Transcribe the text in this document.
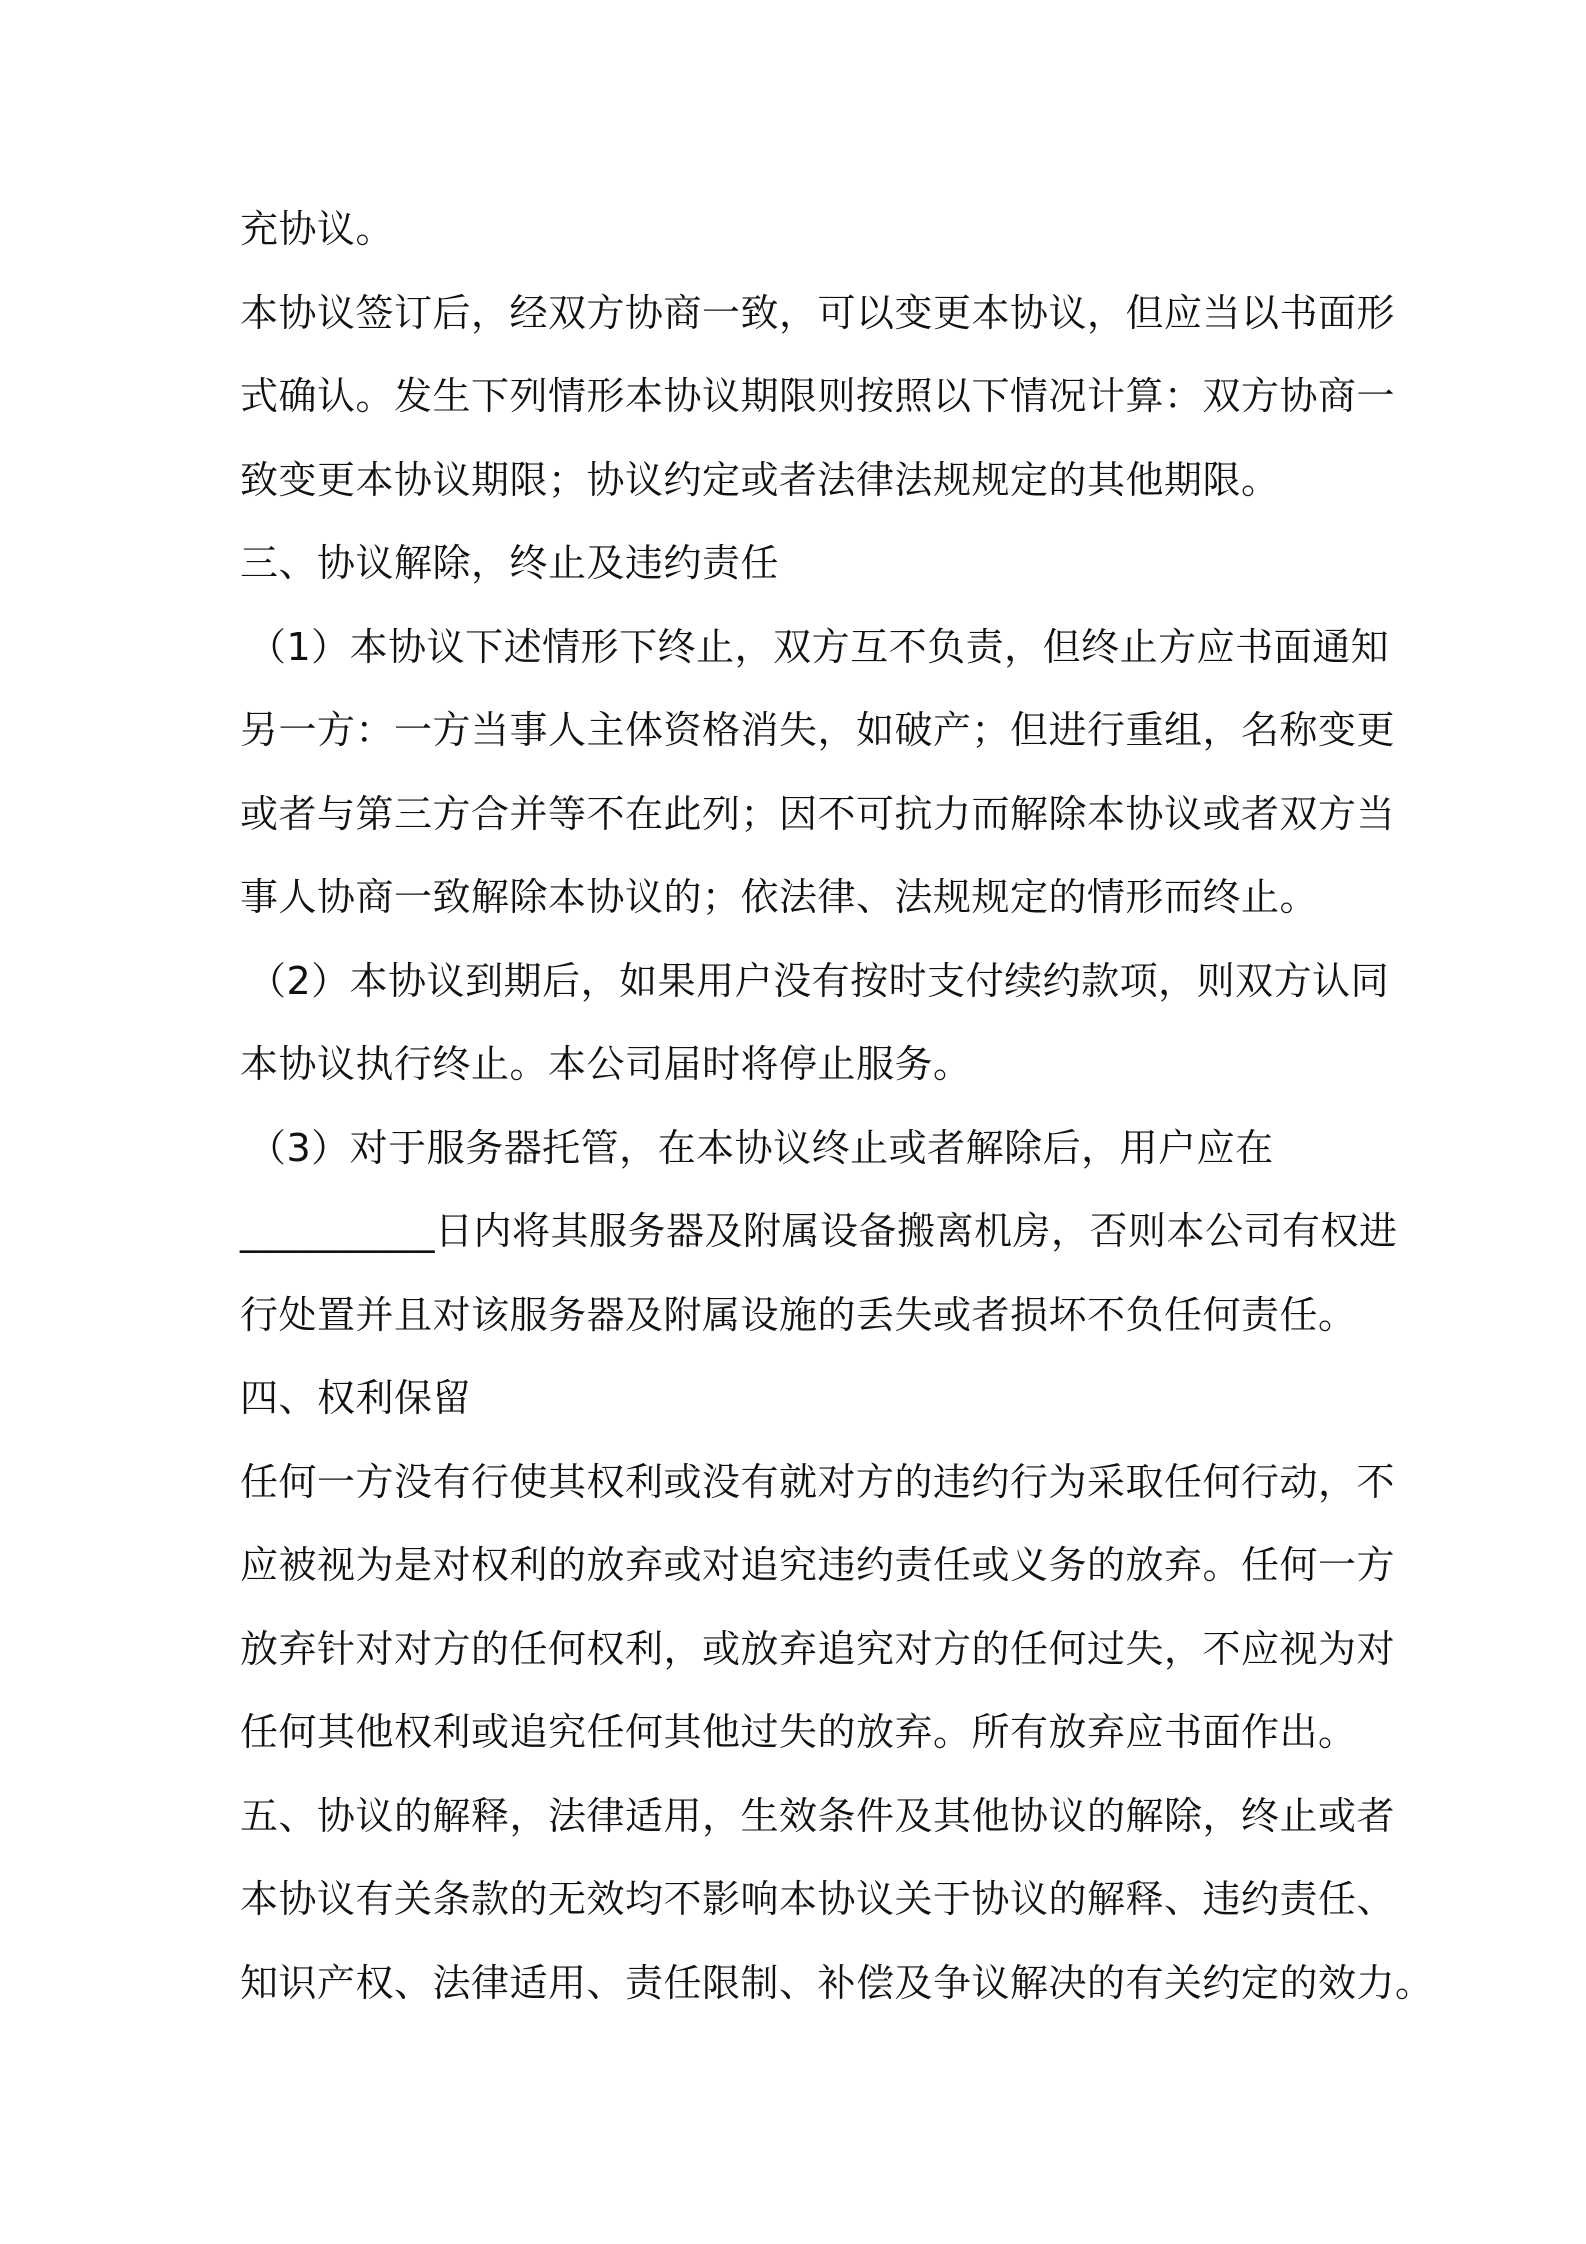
充协议。
本协议签订后，经双方协商一致，可以变更本协议，但应当以书面形
式确认。发生下列情形本协议期限则按照以下情况计算：双方协商一
致变更本协议期限；协议约定或者法律法规规定的其他期限。
三、协议解除，终止及违约责任
（1）本协议下述情形下终止，双方互不负责，但终止方应书面通知
另一方：一方当事人主体资格消失，如破产；但进行重组，名称变更
或者与第三方合并等不在此列；因不可抗力而解除本协议或者双方当
事人协商一致解除本协议的；依法律、法规规定的情形而终止。
（2）本协议到期后，如果用户没有按时支付续约款项，则双方认同
本协议执行终止。本公司届时将停止服务。
（3）对于服务器托管，在本协议终止或者解除后，用户应在
__________日内将其服务器及附属设备搬离机房，否则本公司有权进
行处置并且对该服务器及附属设施的丢失或者损坏不负任何责任。
四、权利保留
任何一方没有行使其权利或没有就对方的违约行为采取任何行动，不
应被视为是对权利的放弃或对追究违约责任或义务的放弃。任何一方
放弃针对对方的任何权利，或放弃追究对方的任何过失，不应视为对
任何其他权利或追究任何其他过失的放弃。所有放弃应书面作出。
五、协议的解释，法律适用，生效条件及其他协议的解除，终止或者
本协议有关条款的无效均不影响本协议关于协议的解释、违约责任、
知识产权、法律适用、责任限制、补偿及争议解决的有关约定的效力。
